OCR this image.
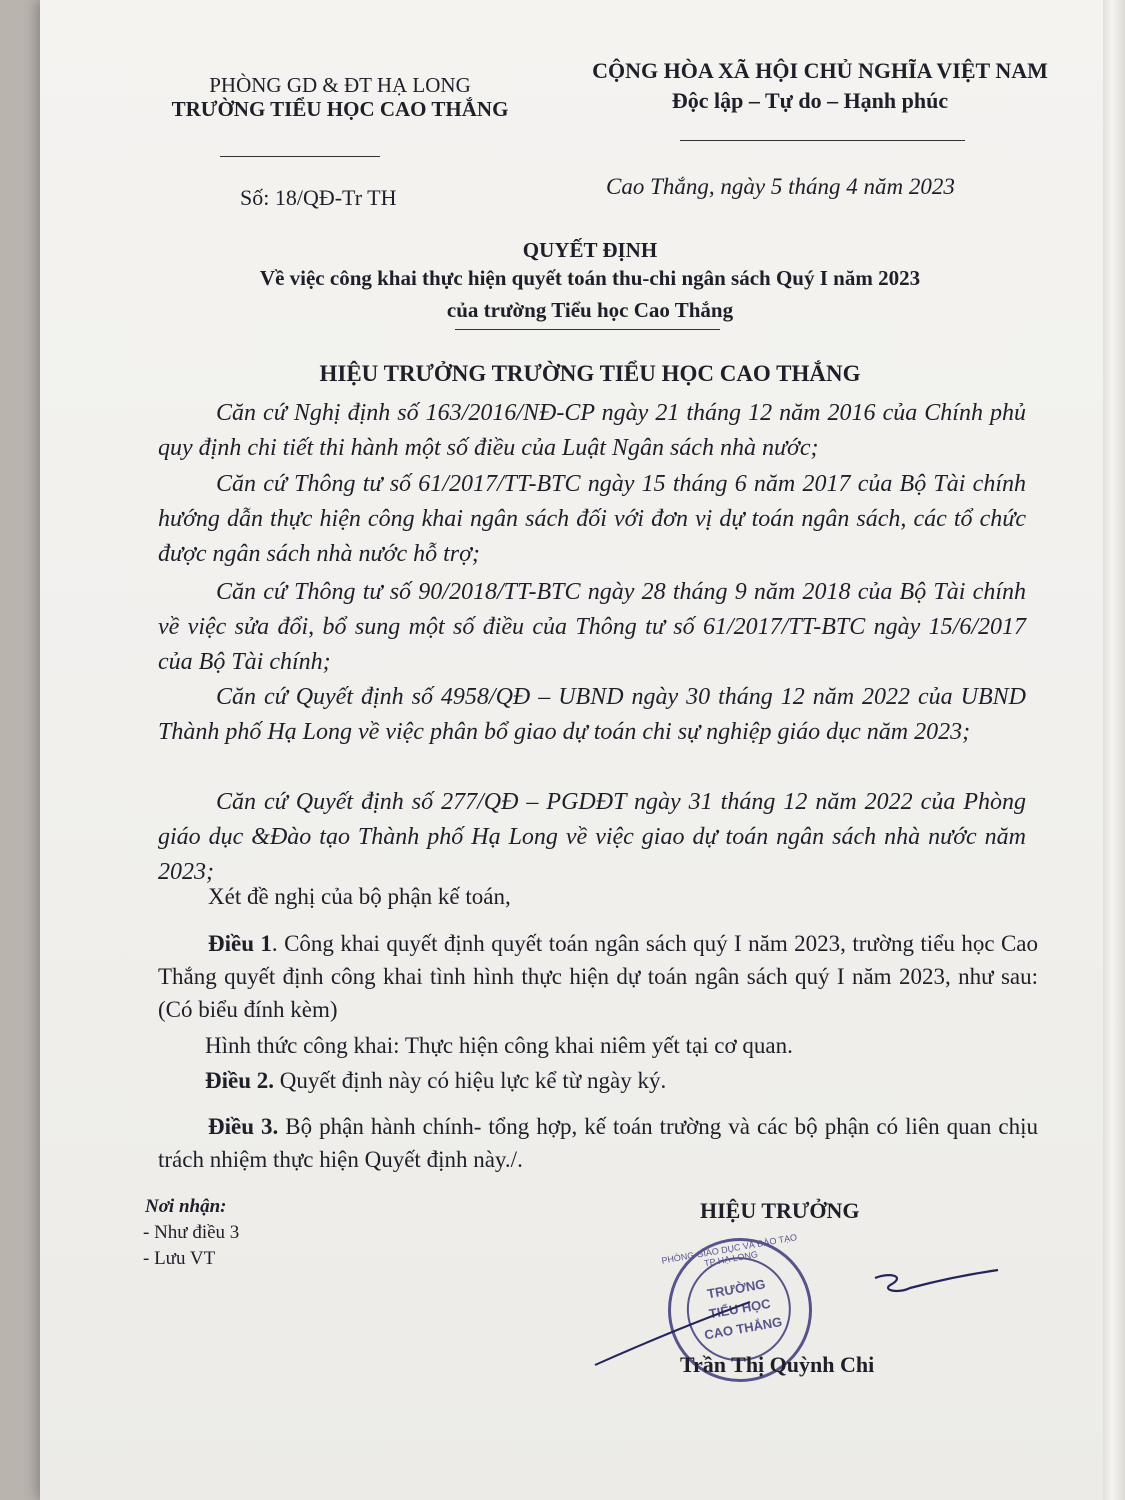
PHÒNG GD & ĐT HẠ LONG
TRƯỜNG TIỂU HỌC CAO THẮNG
CỘNG HÒA XÃ HỘI CHỦ NGHĨA VIỆT NAM
Độc lập – Tự do – Hạnh phúc
Số: 18/QĐ-Tr TH	Cao Thắng, ngày 5 tháng 4 năm 2023
QUYẾT ĐỊNH
Về việc công khai thực hiện quyết toán thu-chi ngân sách Quý I năm 2023
của trường Tiểu học Cao Thắng
HIỆU TRƯỞNG TRƯỜNG TIỂU HỌC CAO THẮNG
Căn cứ Nghị định số 163/2016/NĐ-CP ngày 21 tháng 12 năm 2016 của Chính phủ quy định chi tiết thi hành một số điều của Luật Ngân sách nhà nước;
Căn cứ Thông tư số 61/2017/TT-BTC ngày 15 tháng 6 năm 2017 của Bộ Tài chính hướng dẫn thực hiện công khai ngân sách đối với đơn vị dự toán ngân sách, các tổ chức được ngân sách nhà nước hỗ trợ;
Căn cứ Thông tư số 90/2018/TT-BTC ngày 28 tháng 9 năm 2018 của Bộ Tài chính về việc sửa đổi, bổ sung một số điều của Thông tư số 61/2017/TT-BTC ngày 15/6/2017 của Bộ Tài chính;
Căn cứ Quyết định số 4958/QĐ – UBND ngày 30 tháng 12 năm 2022 của UBND Thành phố Hạ Long về việc phân bổ giao dự toán chi sự nghiệp giáo dục năm 2023;
Căn cứ Quyết định số 277/QĐ – PGDĐT ngày 31 tháng 12 năm 2022 của Phòng giáo dục &Đào tạo Thành phố Hạ Long về việc giao dự toán ngân sách nhà nước năm 2023;
Xét đề nghị của bộ phận kế toán,
Điều 1. Công khai quyết định quyết toán ngân sách quý I năm 2023, trường tiểu học Cao Thắng quyết định công khai tình hình thực hiện dự toán ngân sách quý I năm 2023, như sau: (Có biểu đính kèm)
Hình thức công khai: Thực hiện công khai niêm yết tại cơ quan.
Điều 2. Quyết định này có hiệu lực kể từ ngày ký.
Điều 3. Bộ phận hành chính- tổng hợp, kế toán trường và các bộ phận có liên quan chịu trách nhiệm thực hiện Quyết định này./.
Nơi nhận:
- Như điều 3
- Lưu VT
HIỆU TRƯỞNG
PHÒNG GIÁO DỤC VÀ ĐÀO TẠO TP HẠ LONG
TRƯỜNG
TIỂU HỌC
CAO THẮNG
Trần Thị Quỳnh Chi
